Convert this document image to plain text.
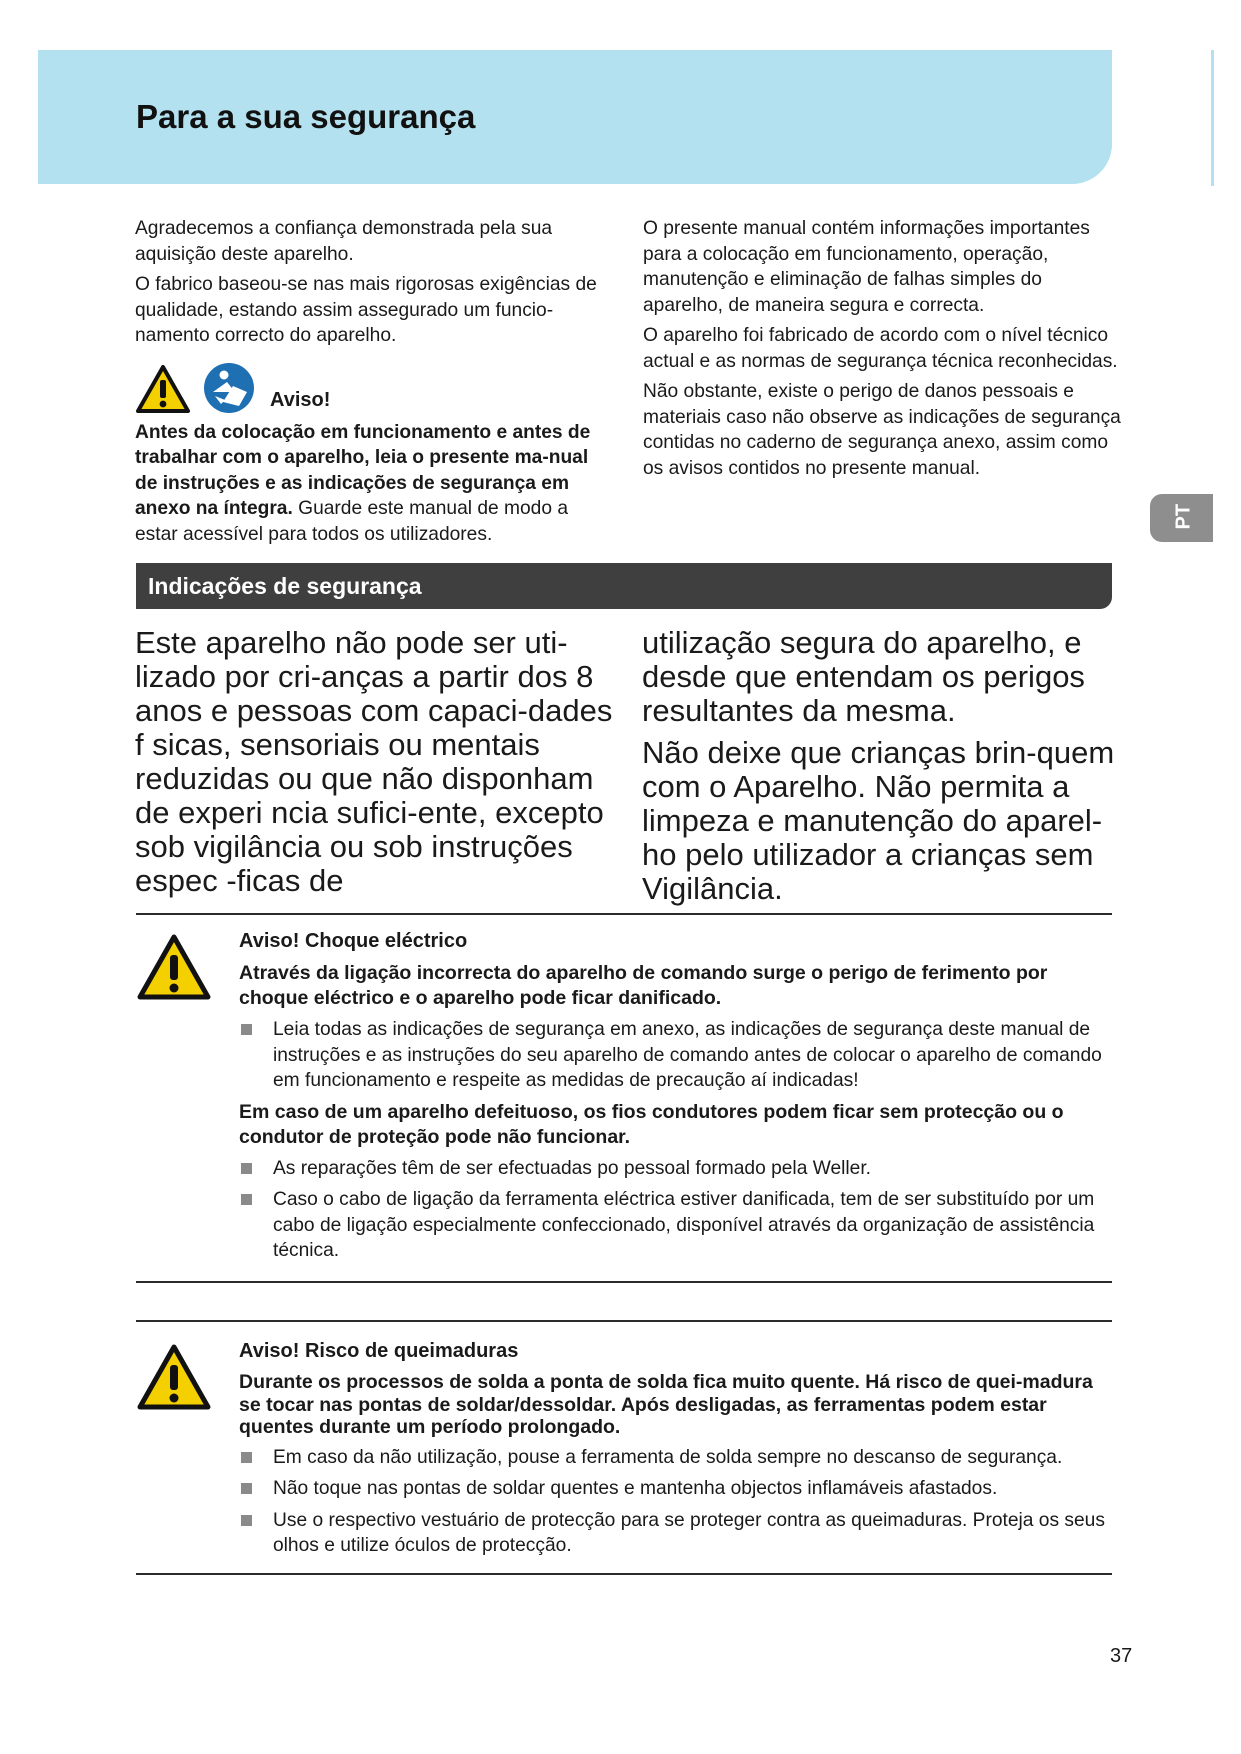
Para a sua segurança
PT

Agradecemos a confiança demonstrada pela sua aquisição deste aparelho.

O fabrico baseou-se nas mais rigorosas exigências de qualidade, estando assim assegurado um funcio-namento correcto do aparelho.

Aviso!

Antes da colocação em funcionamento e antes de trabalhar com o aparelho, leia o presente ma-nual de instruções e as indicações de segurança em anexo na íntegra. Guarde este manual de modo a estar acessível para todos os utilizadores.

O presente manual contém informações importantes para a colocação em funcionamento, operação, manutenção e eliminação de falhas simples do aparelho, de maneira segura e correcta.

O aparelho foi fabricado de acordo com o nível técnico actual e as normas de segurança técnica reconhecidas.

Não obstante, existe o perigo de danos pessoais e materiais caso não observe as indicações de segurança contidas no caderno de segurança anexo, assim como os avisos contidos no presente manual.

Indicações de segurança

Este aparelho não pode ser uti-lizado por cri-anças a partir dos 8 anos e pessoas com capaci-dades f sicas, sensoriais ou mentais reduzidas ou que não disponham de experi ncia sufici-ente, excepto sob vigilância ou sob instruções espec -ficas de

utilização segura do aparelho, e desde que entendam os perigos resultantes da mesma.

Não deixe que crianças brin-quem com o Aparelho. Não permita a limpeza e manutenção do aparel-ho pelo utilizador a crianças sem Vigilância.

Aviso! Choque eléctrico

Através da ligação incorrecta do aparelho de comando surge o perigo de ferimento por choque eléctrico e o aparelho pode ficar danificado.

Leia todas as indicações de segurança em anexo, as indicações de segurança deste manual de instruções e as instruções do seu aparelho de comando antes de colocar o aparelho de comando em funcionamento e respeite as medidas de precaução aí indicadas!

Em caso de um aparelho defeituoso, os fios condutores podem ficar sem protecção ou o condutor de proteção pode não funcionar.

As reparações têm de ser efectuadas po pessoal formado pela Weller.
Caso o cabo de ligação da ferramenta eléctrica estiver danificada, tem de ser substituído por um cabo de ligação especialmente confeccionado, disponível através da organização de assistência técnica.

Aviso! Risco de queimaduras

Durante os processos de solda a ponta de solda fica muito quente. Há risco de quei-madura se tocar nas pontas de soldar/dessoldar. Após desligadas, as ferramentas podem estar quentes durante um período prolongado.

Em caso da não utilização, pouse a ferramenta de solda sempre no descanso de segurança.
Não toque nas pontas de soldar quentes e mantenha objectos inflamáveis afastados.
Use o respectivo vestuário de protecção para se proteger contra as queimaduras. Proteja os seus olhos e utilize óculos de protecção.
37
